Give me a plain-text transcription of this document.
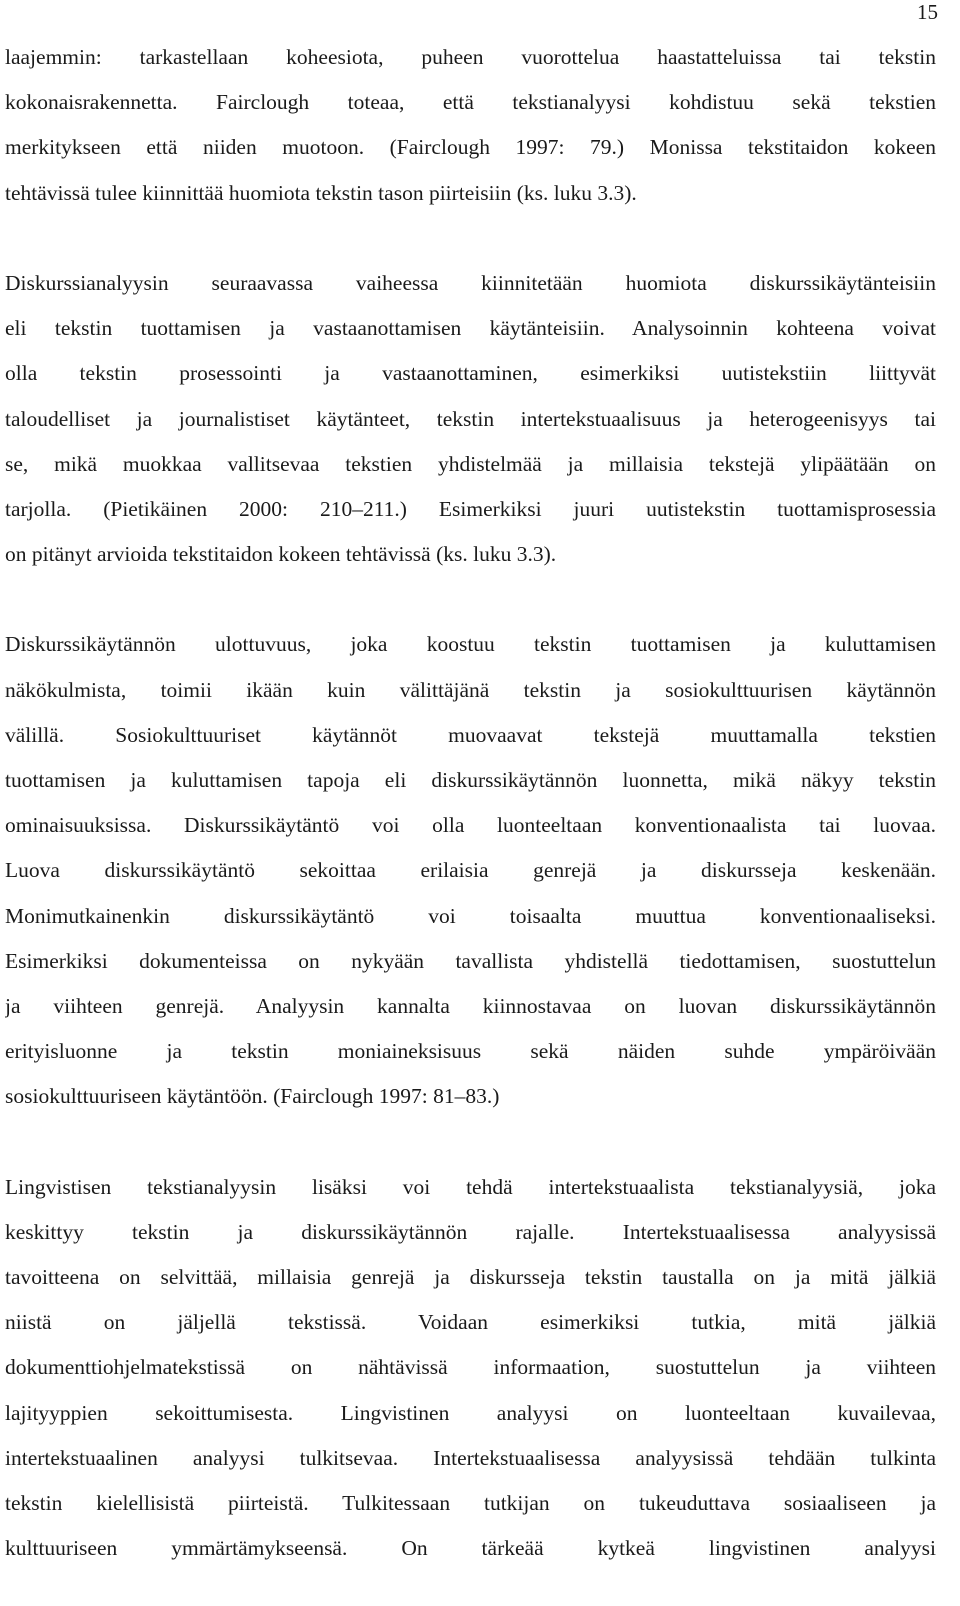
15
laajemmin: tarkastellaan koheesiota, puheen vuorottelua haastatteluissa tai tekstin
kokonaisrakennetta. Fairclough toteaa, että tekstianalyysi kohdistuu sekä tekstien
merkitykseen että niiden muotoon. (Fairclough 1997: 79.) Monissa tekstitaidon kokeen
tehtävissä tulee kiinnittää huomiota tekstin tason piirteisiin (ks. luku 3.3).
Diskurssianalyysin seuraavassa vaiheessa kiinnitetään huomiota diskurssikäytänteisiin
eli tekstin tuottamisen ja vastaanottamisen käytänteisiin. Analysoinnin kohteena voivat
olla tekstin prosessointi ja vastaanottaminen, esimerkiksi uutistekstiin liittyvät
taloudelliset ja journalistiset käytänteet, tekstin intertekstuaalisuus ja heterogeenisyys tai
se, mikä muokkaa vallitsevaa tekstien yhdistelmää ja millaisia tekstejä ylipäätään on
tarjolla. (Pietikäinen 2000: 210–211.) Esimerkiksi juuri uutistekstin tuottamisprosessia
on pitänyt arvioida tekstitaidon kokeen tehtävissä (ks. luku 3.3).
Diskurssikäytännön ulottuvuus, joka koostuu tekstin tuottamisen ja kuluttamisen
näkökulmista, toimii ikään kuin välittäjänä tekstin ja sosiokulttuurisen käytännön
välillä. Sosiokulttuuriset käytännöt muovaavat tekstejä muuttamalla tekstien
tuottamisen ja kuluttamisen tapoja eli diskurssikäytännön luonnetta, mikä näkyy tekstin
ominaisuuksissa. Diskurssikäytäntö voi olla luonteeltaan konventionaalista tai luovaa.
Luova diskurssikäytäntö sekoittaa erilaisia genrejä ja diskursseja keskenään.
Monimutkainenkin diskurssikäytäntö voi toisaalta muuttua konventionaaliseksi.
Esimerkiksi dokumenteissa on nykyään tavallista yhdistellä tiedottamisen, suostuttelun
ja viihteen genrejä. Analyysin kannalta kiinnostavaa on luovan diskurssikäytännön
erityisluonne ja tekstin moniaineksisuus sekä näiden suhde ympäröivään
sosiokulttuuriseen käytäntöön. (Fairclough 1997: 81–83.)
Lingvistisen tekstianalyysin lisäksi voi tehdä intertekstuaalista tekstianalyysiä, joka
keskittyy tekstin ja diskurssikäytännön rajalle. Intertekstuaalisessa analyysissä
tavoitteena on selvittää, millaisia genrejä ja diskursseja tekstin taustalla on ja mitä jälkiä
niistä on jäljellä tekstissä. Voidaan esimerkiksi tutkia, mitä jälkiä
dokumenttiohjelmatekstissä on nähtävissä informaation, suostuttelun ja viihteen
lajityyppien sekoittumisesta. Lingvistinen analyysi on luonteeltaan kuvailevaa,
intertekstuaalinen analyysi tulkitsevaa. Intertekstuaalisessa analyysissä tehdään tulkinta
tekstin kielellisistä piirteistä. Tulkitessaan tutkijan on tukeuduttava sosiaaliseen ja
kulttuuriseen ymmärtämykseensä. On tärkeää kytkeä lingvistinen analyysi
